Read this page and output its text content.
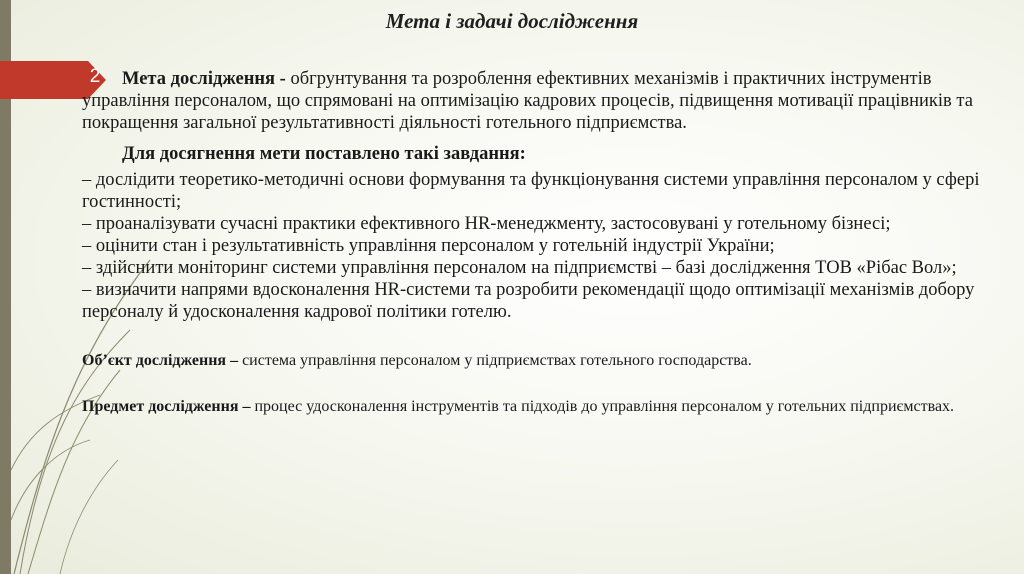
2
Мета і задачі дослідження

Мета дослідження - обгрунтування та розроблення ефективних механізмів і практичних інструментів управління персоналом, що спрямовані на оптимізацію кадрових процесів, підвищення мотивації працівників та покращення загальної результативності діяльності готельного підприємства.

Для досягнення мети поставлено такі завдання:

– дослідити теоретико-методичні основи формування та функціонування системи управління персоналом у сфері гостинності;

– проаналізувати сучасні практики ефективного HR-менеджменту, застосовувані у готельному бізнесі;

– оцінити стан і результативність управління персоналом у готельній індустрії України;

– здійснити моніторинг системи управління персоналом на підприємстві – базі дослідження ТОВ «Рібас Вол»;

– визначити напрями вдосконалення HR-системи та розробити рекомендації щодо оптимізації механізмів добору персоналу й удосконалення кадрової політики готелю.

Об’єкт дослідження – система управління персоналом у підприємствах готельного господарства.

Предмет дослідження – процес удосконалення інструментів та підходів до управління персоналом у готельних підприємствах.
